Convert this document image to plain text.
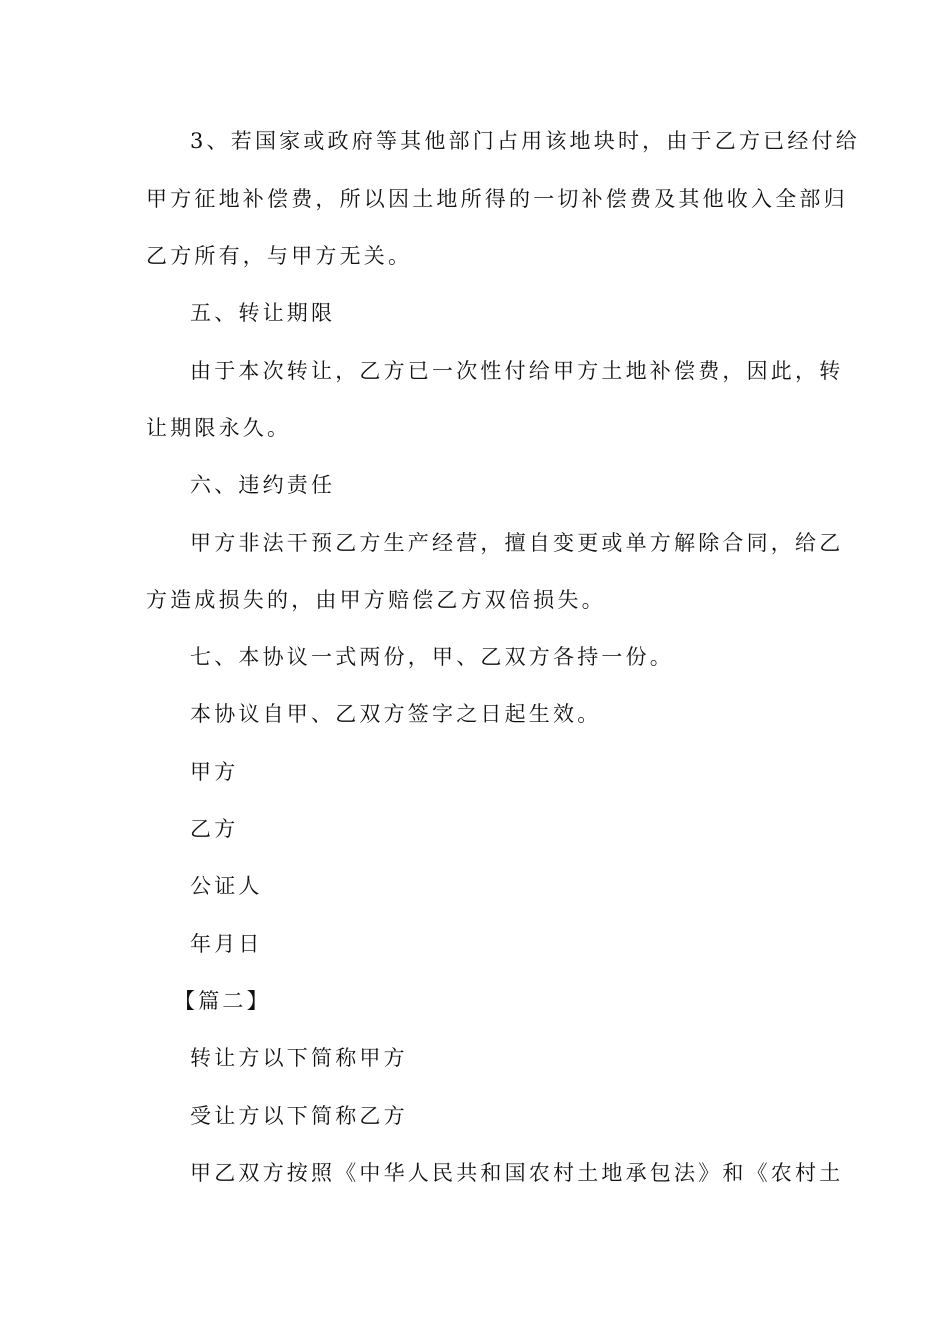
3、若国家或政府等其他部门占用该地块时，由于乙方已经付给
甲方征地补偿费，所以因土地所得的一切补偿费及其他收入全部归
乙方所有，与甲方无关。
五、转让期限
由于本次转让，乙方已一次性付给甲方土地补偿费，因此，转
让期限永久。
六、违约责任
甲方非法干预乙方生产经营，擅自变更或单方解除合同，给乙
方造成损失的，由甲方赔偿乙方双倍损失。
七、本协议一式两份，甲、乙双方各持一份。
本协议自甲、乙双方签字之日起生效。
甲方
乙方
公证人
年月日
【篇二】
转让方以下简称甲方
受让方以下简称乙方
甲乙双方按照《中华人民共和国农村土地承包法》和《农村土
